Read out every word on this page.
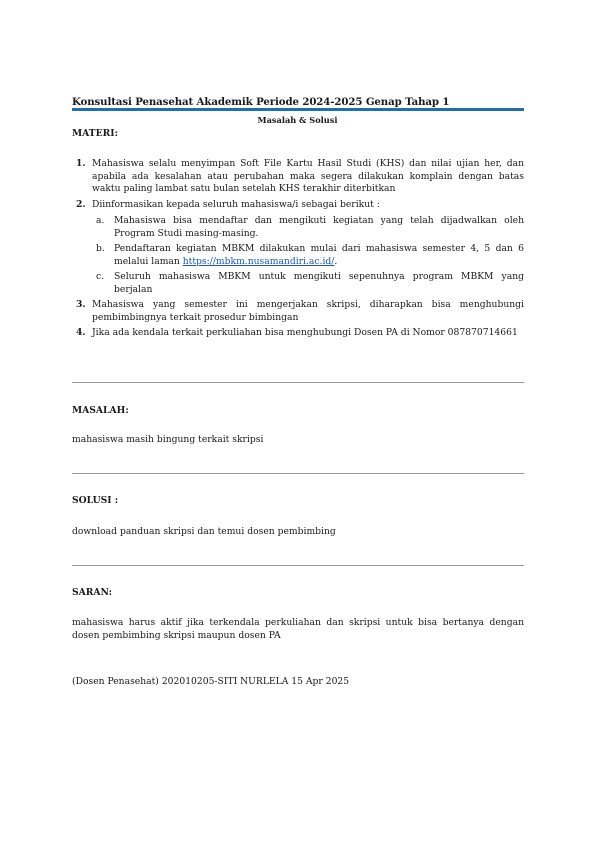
Konsultasi Penasehat Akademik Periode 2024-2025 Genap Tahap 1
Masalah & Solusi
MATERI:
1. Mahasiswa selalu menyimpan Soft File Kartu Hasil Studi (KHS) dan nilai ujian her, dan apabila ada kesalahan atau perubahan maka segera dilakukan komplain dengan batas waktu paling lambat satu bulan setelah KHS terakhir diterbitkan
2. Diinformasikan kepada seluruh mahasiswa/i sebagai berikut :
a.	Mahasiswa bisa mendaftar dan mengikuti kegiatan yang telah dijadwalkan oleh Program Studi masing-masing.
b. Pendaftaran kegiatan MBKM dilakukan mulai dari mahasiswa semester 4, 5 dan 6 melalui laman https://mbkm.nusamandiri.ac.id/.
c.	Seluruh mahasiswa MBKM untuk mengikuti sepenuhnya program MBKM yang berjalan
3. Mahasiswa yang semester ini mengerjakan skripsi, diharapkan bisa menghubungi pembimbingnya terkait prosedur bimbingan
4. Jika ada kendala terkait perkuliahan bisa menghubungi Dosen PA di Nomor 087870714661
MASALAH:
mahasiswa masih bingung terkait skripsi
SOLUSI :
download panduan skripsi dan temui dosen pembimbing
SARAN:
mahasiswa harus aktif jika terkendala perkuliahan dan skripsi untuk bisa bertanya dengan dosen pembimbing skripsi maupun dosen PA
(Dosen Penasehat) 202010205-SITI NURLELA 15 Apr 2025
